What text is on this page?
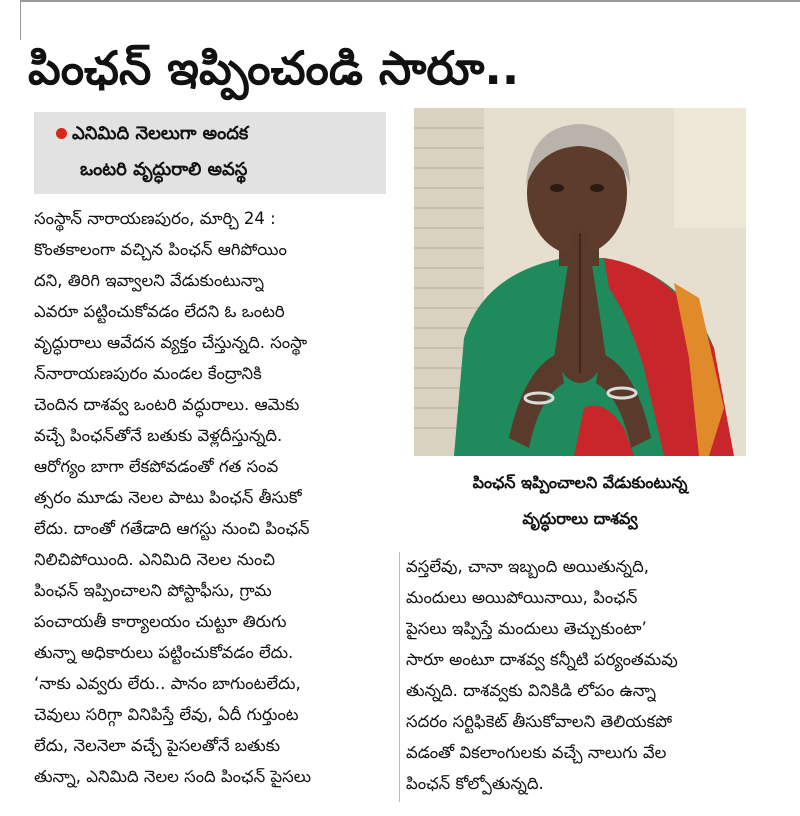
పింఛన్ ఇప్పించండి సారూ..
ఎనిమిది నెలలుగా అందక
ఒంటరి వృద్ధురాలి అవస్థ
పింఛన్ ఇప్పించాలని వేడుకుంటున్న
వృద్ధురాలు దాశవ్వ
సంస్థాన్ నారాయణపురం, మార్చి 24 :
కొంతకాలంగా వచ్చిన పింఛన్ ఆగిపోయిం
దని, తిరిగి ఇవ్వాలని వేడుకుంటున్నా
ఎవరూ పట్టించుకోవడం లేదని ఓ ఒంటరి
వృద్ధురాలు ఆవేదన వ్యక్తం చేస్తున్నది. సంస్థా
న్‌నారాయణపురం మండల కేంద్రానికి
చెందిన దాశవ్వ ఒంటరి వద్ధురాలు. ఆమెకు
వచ్చే పింఛన్‌తోనే బతుకు వెళ్లదీస్తున్నది.
ఆరోగ్యం బాగా లేకపోవడంతో గత సంవ
త్సరం మూడు నెలల పాటు పింఛన్ తీసుకో
లేదు. దాంతో గతేడాది ఆగస్టు నుంచి పింఛన్
నిలిచిపోయింది. ఎనిమిది నెలల నుంచి
పింఛన్ ఇప్పించాలని పోస్టాఫీసు, గ్రామ
పంచాయతీ కార్యాలయం చుట్టూ తిరుగు
తున్నా అధికారులు పట్టించుకోవడం లేదు.
‘నాకు ఎవ్వరు లేరు.. పానం బాగుంటలేదు,
చెవులు సరిగ్గా వినిపిస్తే లేవు, ఏదీ గుర్తుంట
లేదు, నెలనెలా వచ్చే పైసలతోనే బతుకు
తున్నా, ఎనిమిది నెలల సంది పింఛన్ పైసలు
వస్తలేవు, చానా ఇబ్బంది అయితున్నది,
మందులు అయిపోయినాయి, పింఛన్
పైసలు ఇప్పిస్తే మందులు తెచ్చుకుంటా’
సారూ అంటూ దాశవ్వ కన్నీటి పర్యంతమవు
తున్నది. దాశవ్వకు వినికిడి లోపం ఉన్నా
సదరం సర్టిఫికెట్ తీసుకోవాలని తెలియకపో
వడంతో వికలాంగులకు వచ్చే నాలుగు వేల
పింఛన్ కోల్పోతున్నది.
